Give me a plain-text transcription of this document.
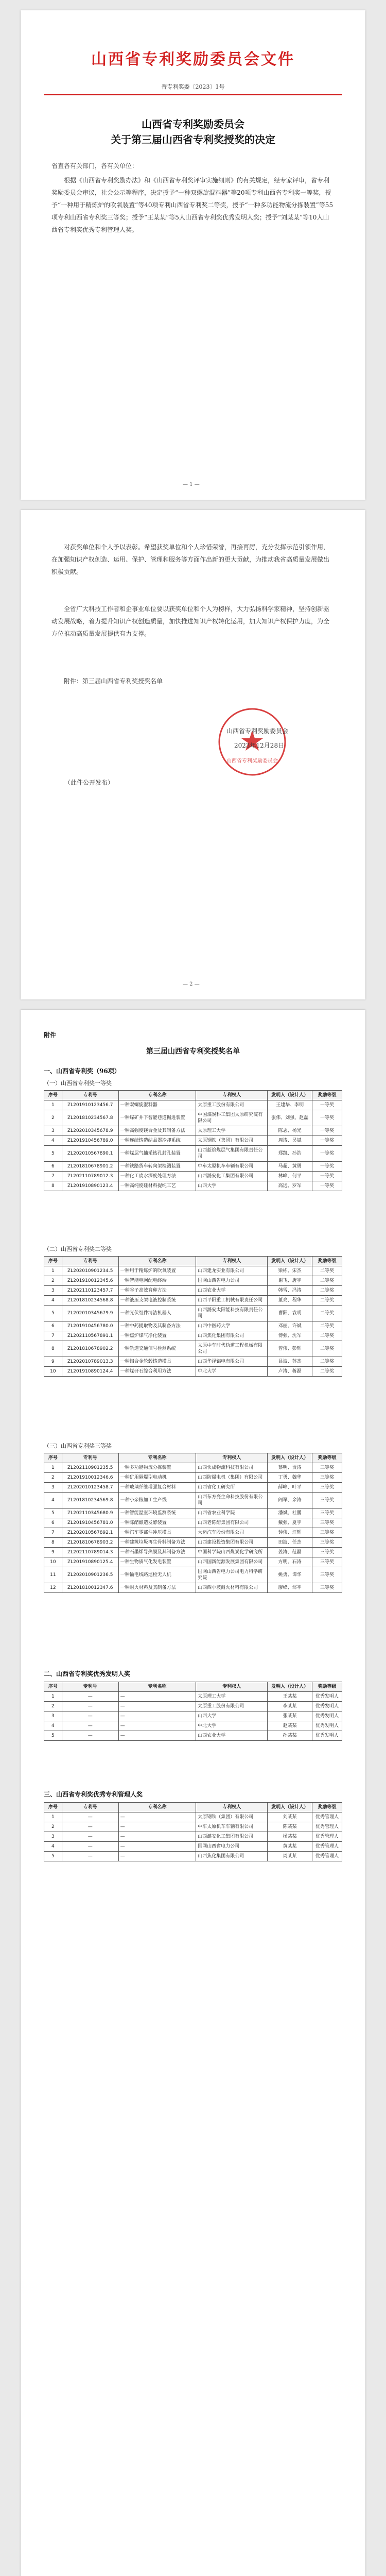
山西省专利奖励委员会文件
晋专利奖委〔2023〕1号
山西省专利奖励委员会
关于第三届山西省专利奖授奖的决定

省直各有关部门，各有关单位：

根据《山西省专利奖励办法》和《山西省专利奖评审实施细则》的有关规定，经专家评审，省专利奖励委员会审议，社会公示等程序，决定授予“一种双螺旋混料器”等20项专利山西省专利奖一等奖，授予“一种用于精炼炉的吹氧装置”等40项专利山西省专利奖二等奖，授予“一种多功能物流分拣装置”等55项专利山西省专利奖三等奖；授予“王某某”等5人山西省专利奖优秀发明人奖；授予“刘某某”等10人山西省专利奖优秀专利管理人奖。

— 1 —

对获奖单位和个人予以表彰。希望获奖单位和个人珍惜荣誉，再接再厉，充分发挥示范引领作用，在加强知识产权创造、运用、保护、管理和服务等方面作出新的更大贡献，为推动我省高质量发展做出积极贡献。

全省广大科技工作者和企事业单位要以获奖单位和个人为榜样，大力弘扬科学家精神，坚持创新驱动发展战略，着力提升知识产权创造质量，加快推进知识产权转化运用，加大知识产权保护力度，为全方位推动高质量发展提供有力支撑。

附件：第三届山西省专利奖授奖名单

山西省专利奖励委员会
山西省专利奖励委员会
2023年12月28日
（此件公开发布）
— 2 —
附件
第三届山西省专利奖授奖名单
一、山西省专利奖（96项）
（一）山西省专利奖一等奖
序号	专利号	专利名称	专利权人	发明人（设计人）	奖励等级
1	ZL201910123456.7	一种双螺旋混料器	太原重工股份有限公司	王建华、李明	一等奖
2	ZL201810234567.8	一种煤矿井下智能巷道掘进装置	中国煤炭科工集团太原研究院有限公司	张伟、刘强、赵磊	一等奖
3	ZL202010345678.9	一种高强度镁合金及其制备方法	太原理工大学	陈志、杨光	一等奖
4	ZL201910456789.0	一种连续铸造结晶器冷却系统	太原钢铁（集团）有限公司	周涛、吴斌	一等奖
5	ZL202010567890.1	一种煤层气抽采钻孔封孔装置	山西蓝焰煤层气集团有限责任公司	郑凯、孙浩	一等奖
6	ZL201810678901.2	一种铁路货车转向架检测装置	中车太原机车车辆有限公司	马超、黄勇	一等奖
7	ZL202110789012.3	一种化工废水深度处理方法	山西潞安化工集团有限公司	林峰、何平	一等奖
8	ZL201910890123.4	一种高纯度硅材料提纯工艺	山西大学	高远、罗军	一等奖
（二）山西省专利奖二等奖
序号	专利号	专利名称	专利权人	发明人（设计人）	奖励等级
1	ZL202010901234.5	一种用于精炼炉的吹氧装置	山西建龙实业有限公司	梁栋、宋杰	二等奖
2	ZL201910012345.6	一种智能电网配电终端	国网山西省电力公司	谢飞、唐宇	二等奖
3	ZL202110123457.7	一种谷子高效育种方法	山西农业大学	韩雪、冯涛	二等奖
4	ZL201810234568.8	一种液压支架电液控制系统	山西平阳重工机械有限责任公司	董亮、程华	二等奖
5	ZL202010345679.9	一种光伏组件清洁机器人	山西潞安太阳能科技有限责任公司	曹阳、袁明	二等奖
6	ZL201910456780.0	一种中药提取物及其制备方法	山西中医药大学	邓丽、许斌	二等奖
7	ZL202110567891.1	一种焦炉煤气净化装置	山西焦化集团有限公司	傅强、沈军	二等奖
8	ZL201810678902.2	一种轨道交通信号检测系统	太原中车时代轨道工程机械有限公司	曾伟、彭辉	二等奖
9	ZL202010789013.3	一种铝合金轮毂铸造模具	山西华泽铝电有限公司	吕波、苏杰	二等奖
10	ZL201910890124.4	一种煤矸石综合利用方法	中北大学	卢涛、蒋磊	二等奖
（三）山西省专利奖三等奖
序号	专利号	专利名称	专利权人	发明人（设计人）	奖励等级
1	ZL202110901235.5	一种多功能物流分拣装置	山西快成物流科技有限公司	蔡明、贾涛	三等奖
2	ZL201910012346.6	一种矿用隔爆型电动机	山西防爆电机（集团）有限公司	丁勇、魏华	三等奖
3	ZL202010123458.7	一种玻璃纤维增强复合材料	山西省化工研究所	薛峰、叶平	三等奖
4	ZL201810234569.8	一种小杂粮加工生产线	山西东方亮生命科技股份有限公司	阎军、余涛	三等奖
5	ZL202110345680.9	一种智能温室环境监测系统	山西省农业科学院	潘斌、杜鹏	三等奖
6	ZL201910456781.0	一种陈醋酿造发酵装置	山西老陈醋集团有限公司	戴强、夏宇	三等奖
7	ZL202010567892.1	一种汽车零部件冲压模具	大运汽车股份有限公司	钟伟、汪辉	三等奖
8	ZL201810678903.2	一种建筑垃圾再生骨料制备方法	山西建设投资集团有限公司	田波、任杰	三等奖
9	ZL202110789014.3	一种石墨烯导热膜及其制备方法	中国科学院山西煤炭化学研究所	姜涛、范磊	三等奖
10	ZL201910890125.4	一种生物质气化发电装置	山西国新能源发展集团有限公司	方明、石涛	三等奖
11	ZL202010901236.5	一种输电线路巡检无人机	国网山西省电力公司电力科学研究院	姚勇、谭华	三等奖
12	ZL201810012347.6	一种耐火材料及其制备方法	山西西小坡耐火材料有限公司	廖峰、邹平	三等奖
二、山西省专利奖优秀发明人奖
序号	专利号	专利名称	专利权人	发明人（设计人）	奖励等级
1	—	—	太原理工大学	王某某	优秀发明人
2	—	—	太原重工股份有限公司	李某某	优秀发明人
3	—	—	山西大学	张某某	优秀发明人
4	—	—	中北大学	赵某某	优秀发明人
5	—	—	山西农业大学	孙某某	优秀发明人
三、山西省专利奖优秀专利管理人奖
序号	专利号	专利名称	专利权人	发明人（设计人）	奖励等级
1	—	—	太原钢铁（集团）有限公司	刘某某	优秀管理人
2	—	—	中车太原机车车辆有限公司	陈某某	优秀管理人
3	—	—	山西潞安化工集团有限公司	杨某某	优秀管理人
4	—	—	国网山西省电力公司	黄某某	优秀管理人
5	—	—	山西焦化集团有限公司	周某某	优秀管理人
